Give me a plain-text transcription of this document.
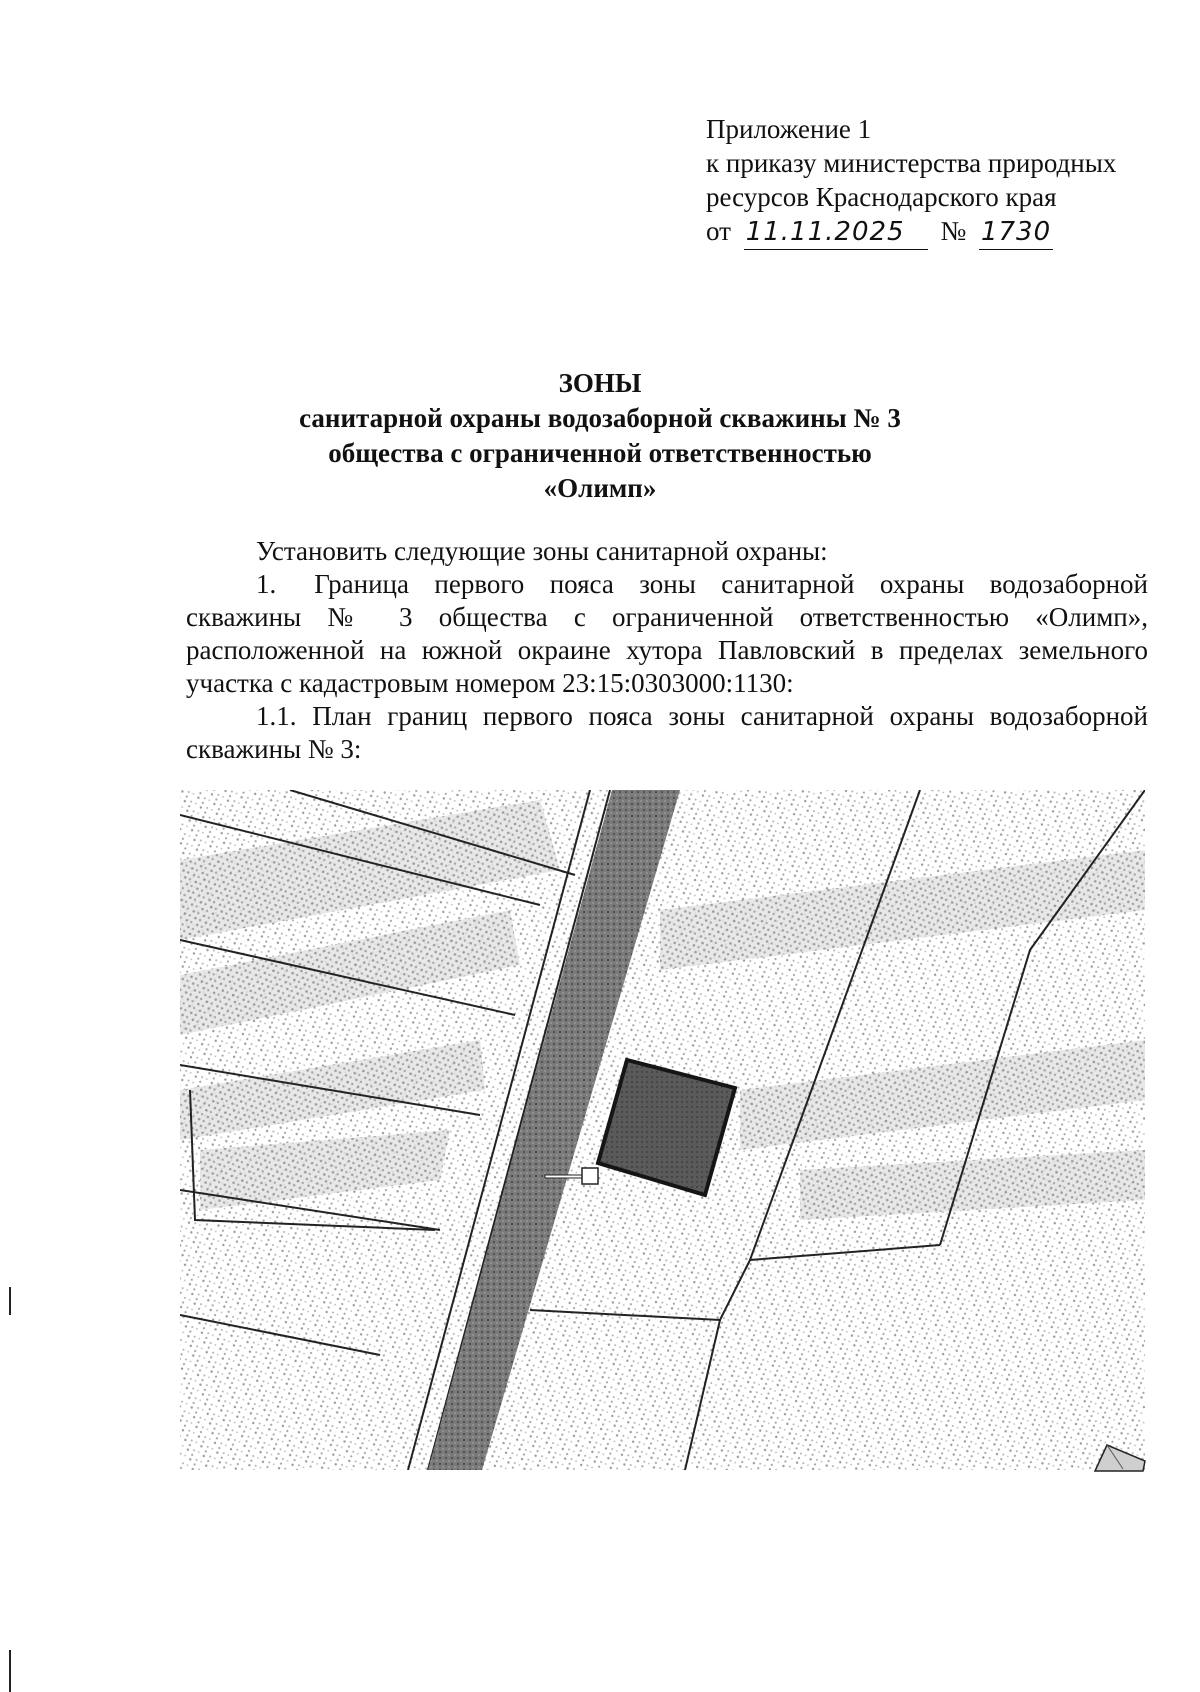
Приложение 1
к приказу министерства природных
ресурсов Краснодарского края
от 11.11.2025 № 1730
ЗОНЫ
санитарной охраны водозаборной скважины № 3
общества с ограниченной ответственностью
«Олимп»

Установить следующие зоны санитарной охраны:

1. Граница первого пояса зоны санитарной охраны водозаборной скважины № 3 общества с ограниченной ответственностью «Олимп», расположенной на южной окраине хутора Павловский в пределах земельного участка с кадастровым номером 23:15:0303000:1130:

1.1. План границ первого пояса зоны санитарной охраны водозаборной скважины № 3:
